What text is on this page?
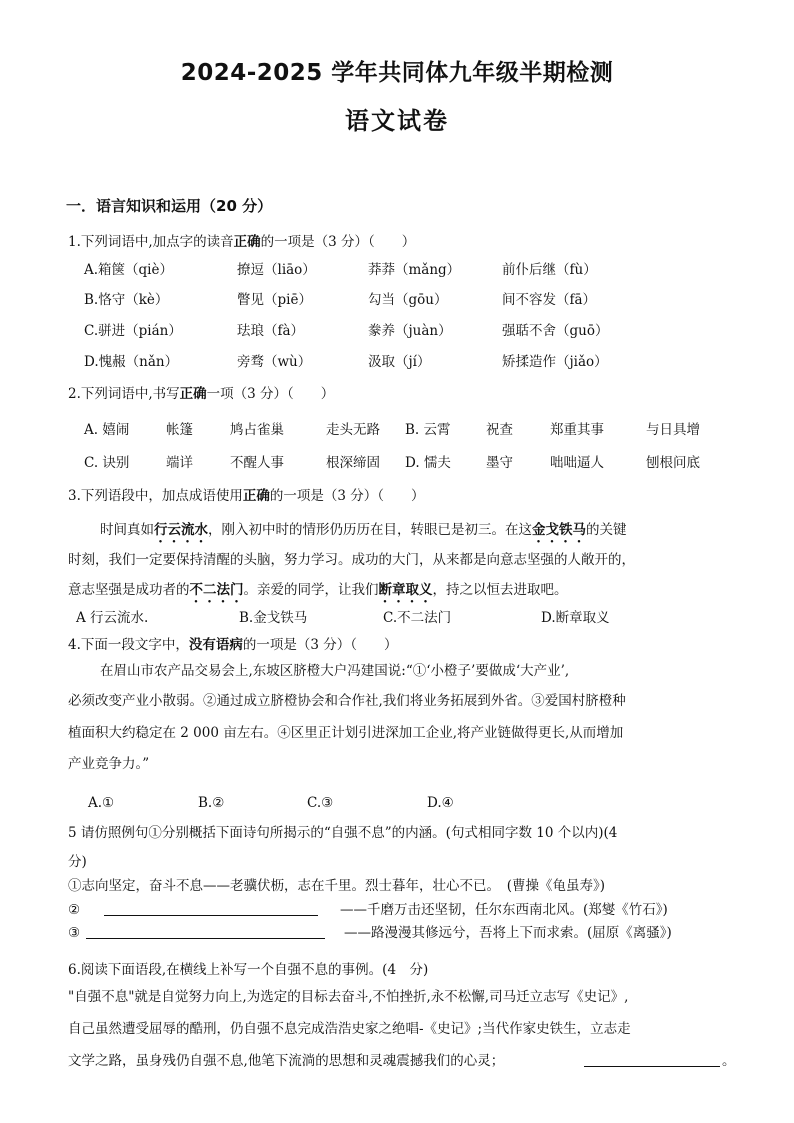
2024-2025 学年共同体九年级半期检测
语文试卷
一．语言知识和运用（20 分）
1.下列词语中,加点字的读音正确的一项是（3 分）（　　）
A.箱箧（qiè）	撩逗（liāo）	莽莽（mǎng）	前仆后继（fù）
B.恪守（kè）	瞥见（piē）	勾当（gōu）	间不容发（fā）
C.骈进（pián）	珐琅（fà）	豢养（juàn）	强聒不舍（guō）
D.愧赧（nǎn）	旁骛（wù）	汲取（jí）	矫揉造作（jiǎo）
2.下列词语中,书写正确一项（3 分）（　　）
A. 嬉闹	帐篷	鸠占雀巢	走头无路 B. 云霄	祝查	郑重其事	与日具增
C. 诀别	端详	不醒人事	根深缔固 D. 懦夫	墨守	咄咄逼人	刨根问底
3.下列语段中，加点成语使用正确的一项是（3 分）（　　）
时间真如行云流水，刚入初中时的情形仍历历在目，转眼已是初三。在这金戈铁马的关键
时刻，我们一定要保持清醒的头脑，努力学习。成功的大门，从来都是向意志坚强的人敞开的，
意志坚强是成功者的不二法门。亲爱的同学，让我们断章取义，持之以恒去进取吧。
A 行云流水.	B.金戈铁马	C.不二法门	D.断章取义
4.下面一段文字中，没有语病的一项是（3 分）（　　）
在眉山市农产品交易会上,东坡区脐橙大户冯建国说:“①‘小橙子’要做成‘大产业’,
必须改变产业小散弱。②通过成立脐橙协会和合作社,我们将业务拓展到外省。③爱国村脐橙种
植面积大约稳定在 2 000 亩左右。④区里正计划引进深加工企业,将产业链做得更长,从而增加
产业竞争力。”
A.①	B.②	C.③	D.④
5 请仿照例句①分别概括下面诗句所揭示的“自强不息”的内涵。(句式相同字数 10 个以内)(4
分)
①志向坚定，奋斗不息——老骥伏枥，志在千里。烈士暮年，壮心不已。　(曹操《龟虽寿》)
②	——千磨万击还坚韧，任尔东西南北风。(郑燮《竹石》)
③	——路漫漫其修远兮，吾将上下而求索。(屈原《离骚》)
6.阅读下面语段,在横线上补写一个自强不息的事例。(4　分)
"自强不息"就是自觉努力向上,为选定的目标去奋斗,不怕挫折,永不松懈,司马迁立志写《史记》,
自己虽然遭受屈辱的酷刑，仍自强不息完成浩浩史家之绝唱-《史记》;当代作家史铁生，立志走
文学之路，虽身残仍自强不息,他笔下流淌的思想和灵魂震撼我们的心灵；	。
